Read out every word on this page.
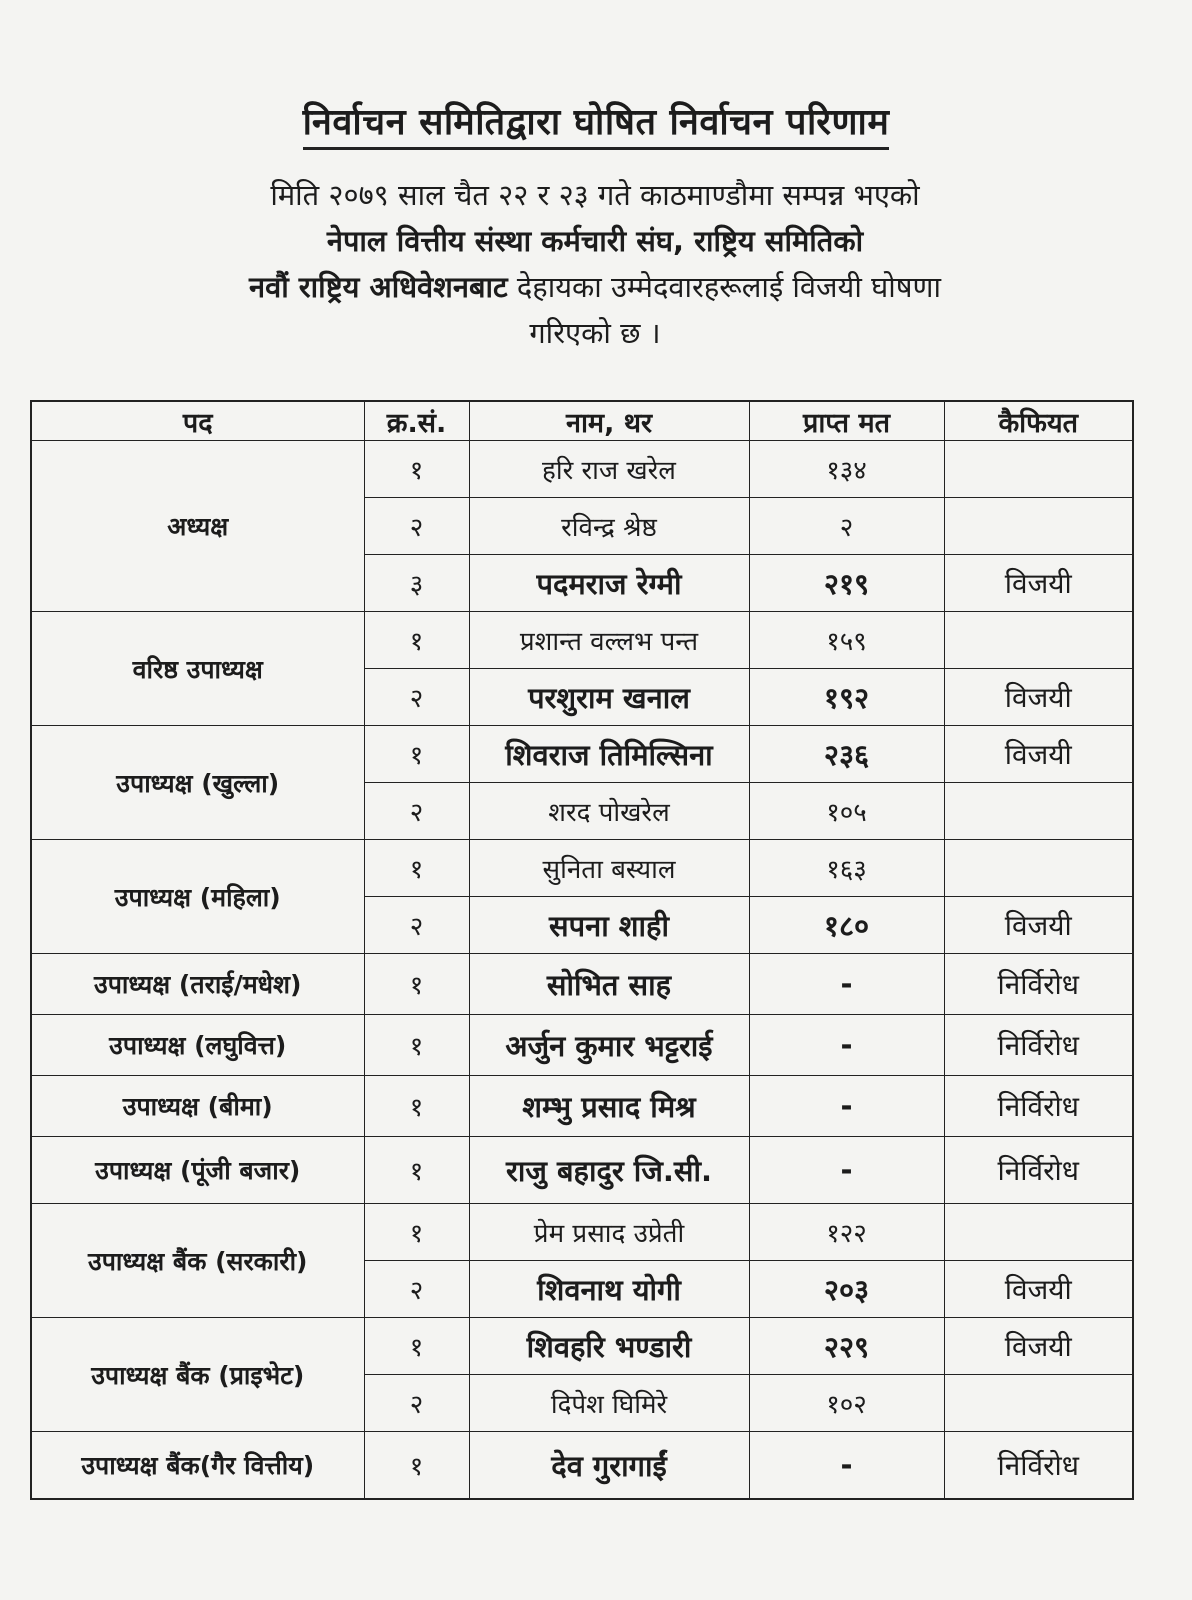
निर्वाचन समितिद्वारा घोषित निर्वाचन परिणाम
मिति २०७९ साल चैत २२ र २३ गते काठमाण्डौमा सम्पन्न भएको
नेपाल वित्तीय संस्था कर्मचारी संघ, राष्ट्रिय समितिको
नवौं राष्ट्रिय अधिवेशनबाट देहायका उम्मेदवारहरूलाई विजयी घोषणा
गरिएको छ ।
पद	क्र.सं.	नाम, थर	प्राप्त मत	कैफियत
अध्यक्ष	१	हरि राज खरेल	१३४	
	२	रविन्द्र श्रेष्ठ	२	
	३	पदमराज रेग्मी	२१९	विजयी
वरिष्ठ उपाध्यक्ष	१	प्रशान्त वल्लभ पन्त	१५९	
	२	परशुराम खनाल	१९२	विजयी
उपाध्यक्ष (खुल्ला)	१	शिवराज तिमिल्सिना	२३६	विजयी
	२	शरद पोखरेल	१०५	
उपाध्यक्ष (महिला)	१	सुनिता बस्याल	१६३	
	२	सपना शाही	१८०	विजयी
उपाध्यक्ष (तराई/मधेश)	१	सोभित साह	-	निर्विरोध
उपाध्यक्ष (लघुवित्त)	१	अर्जुन कुमार भट्टराई	-	निर्विरोध
उपाध्यक्ष (बीमा)	१	शम्भु प्रसाद मिश्र	-	निर्विरोध
उपाध्यक्ष (पूंजी बजार)	१	राजु बहादुर जि.सी.	-	निर्विरोध
उपाध्यक्ष बैंक (सरकारी)	१	प्रेम प्रसाद उप्रेती	१२२	
	२	शिवनाथ योगी	२०३	विजयी
उपाध्यक्ष बैंक (प्राइभेट)	१	शिवहरि भण्डारी	२२९	विजयी
	२	दिपेश घिमिरे	१०२	
उपाध्यक्ष बैंक(गैर वित्तीय)	१	देव गुरागाईं	-	निर्विरोध
